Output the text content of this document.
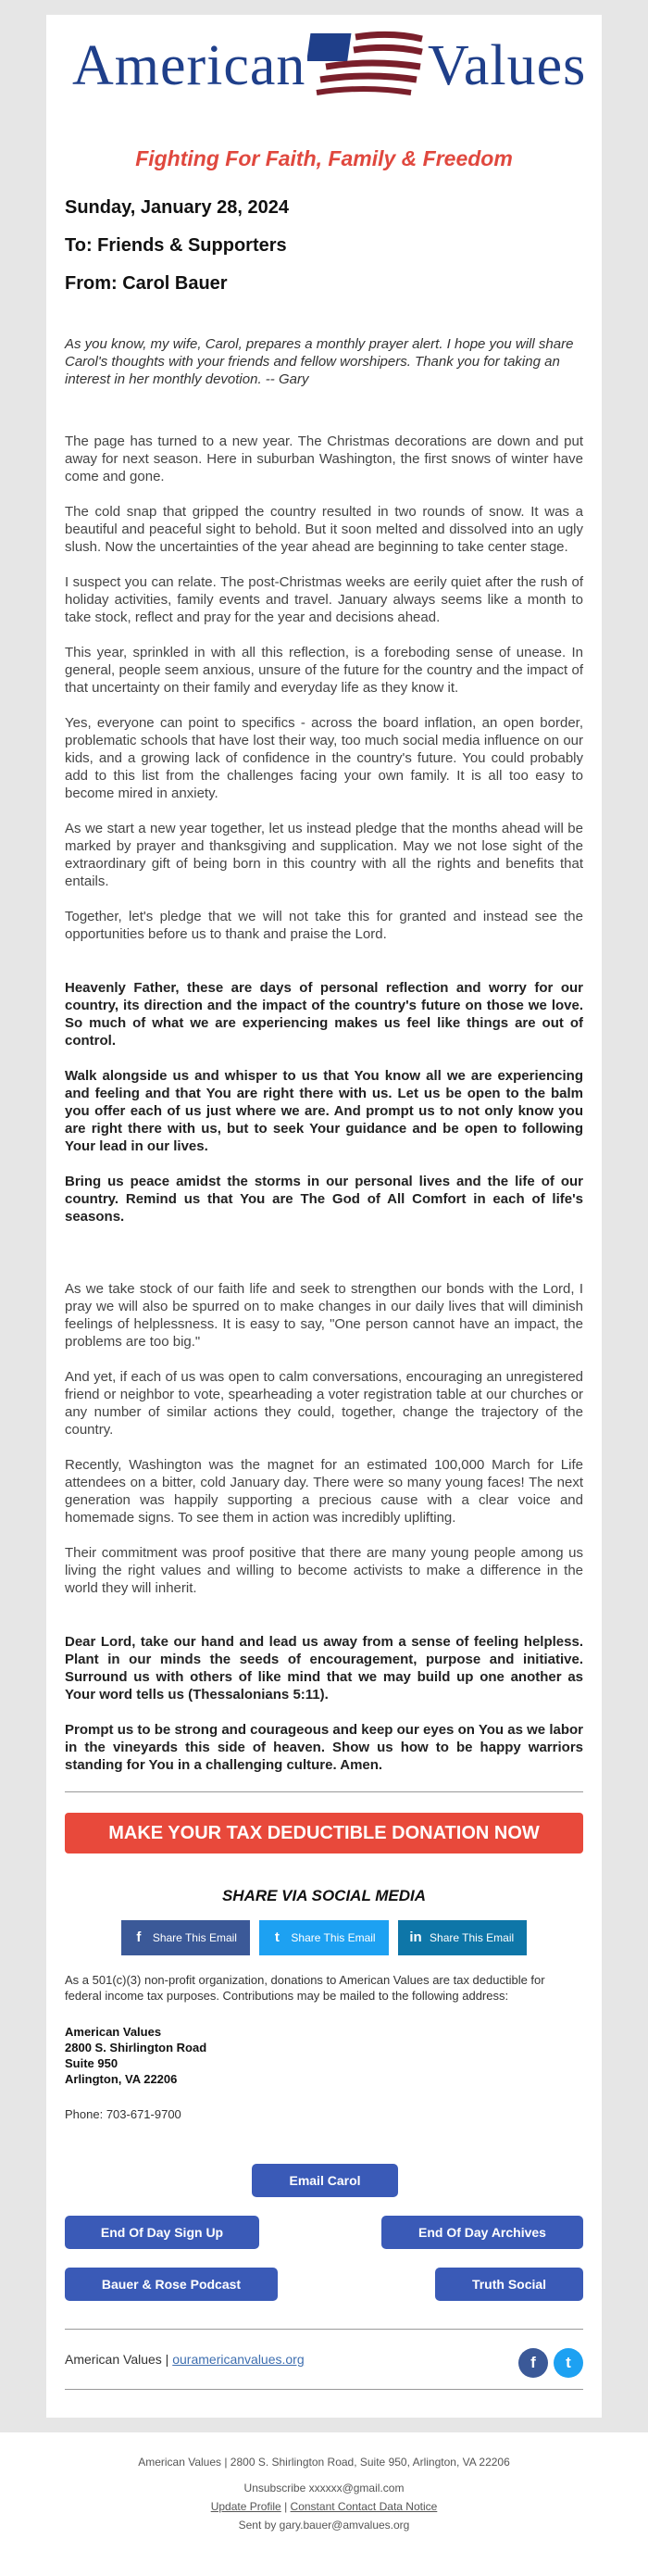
American Values
Fighting For Faith, Family & Freedom
Sunday, January 28, 2024
To: Friends & Supporters
From: Carol Bauer
As you know, my wife, Carol, prepares a monthly prayer alert. I hope you will share Carol's thoughts with your friends and fellow worshipers. Thank you for taking an interest in her monthly devotion. -- Gary

The page has turned to a new year. The Christmas decorations are down and put away for next season. Here in suburban Washington, the first snows of winter have come and gone.

The cold snap that gripped the country resulted in two rounds of snow. It was a beautiful and peaceful sight to behold. But it soon melted and dissolved into an ugly slush. Now the uncertainties of the year ahead are beginning to take center stage.

I suspect you can relate. The post-Christmas weeks are eerily quiet after the rush of holiday activities, family events and travel. January always seems like a month to take stock, reflect and pray for the year and decisions ahead.

This year, sprinkled in with all this reflection, is a foreboding sense of unease. In general, people seem anxious, unsure of the future for the country and the impact of that uncertainty on their family and everyday life as they know it.

Yes, everyone can point to specifics - across the board inflation, an open border, problematic schools that have lost their way, too much social media influence on our kids, and a growing lack of confidence in the country's future. You could probably add to this list from the challenges facing your own family. It is all too easy to become mired in anxiety.

As we start a new year together, let us instead pledge that the months ahead will be marked by prayer and thanksgiving and supplication. May we not lose sight of the extraordinary gift of being born in this country with all the rights and benefits that entails.

Together, let's pledge that we will not take this for granted and instead see the opportunities before us to thank and praise the Lord.

Heavenly Father, these are days of personal reflection and worry for our country, its direction and the impact of the country's future on those we love. So much of what we are experiencing makes us feel like things are out of control.

Walk alongside us and whisper to us that You know all we are experiencing and feeling and that You are right there with us. Let us be open to the balm you offer each of us just where we are. And prompt us to not only know you are right there with us, but to seek Your guidance and be open to following Your lead in our lives.

Bring us peace amidst the storms in our personal lives and the life of our country. Remind us that You are The God of All Comfort in each of life's seasons.

As we take stock of our faith life and seek to strengthen our bonds with the Lord, I pray we will also be spurred on to make changes in our daily lives that will diminish feelings of helplessness. It is easy to say, "One person cannot have an impact, the problems are too big."

And yet, if each of us was open to calm conversations, encouraging an unregistered friend or neighbor to vote, spearheading a voter registration table at our churches or any number of similar actions they could, together, change the trajectory of the country.

Recently, Washington was the magnet for an estimated 100,000 March for Life attendees on a bitter, cold January day. There were so many young faces! The next generation was happily supporting a precious cause with a clear voice and homemade signs. To see them in action was incredibly uplifting.

Their commitment was proof positive that there are many young people among us living the right values and willing to become activists to make a difference in the world they will inherit.

Dear Lord, take our hand and lead us away from a sense of feeling helpless. Plant in our minds the seeds of encouragement, purpose and initiative. Surround us with others of like mind that we may build up one another as Your word tells us (Thessalonians 5:11).

Prompt us to be strong and courageous and keep our eyes on You as we labor in the vineyards this side of heaven. Show us how to be happy warriors standing for You in a challenging culture. Amen.

MAKE YOUR TAX DEDUCTIBLE DONATION NOW
SHARE VIA SOCIAL MEDIA
f Share This Email	t Share This Email in Share This Email
As a 501(c)(3) non-profit organization, donations to American Values are tax deductible for federal income tax purposes. Contributions may be mailed to the following address:
American Values
2800 S. Shirlington Road
Suite 950
Arlington, VA 22206
Phone: 703-671-9700
Email Carol
End Of Day Sign Up	End Of Day Archives
Bauer & Rose Podcast	Truth Social
American Values | ouramericanvalues.org	f	t
American Values | 2800 S. Shirlington Road, Suite 950, Arlington, VA 22206
Unsubscribe xxxxxx@gmail.com
Update Profile | Constant Contact Data Notice
Sent by gary.bauer@amvalues.org
